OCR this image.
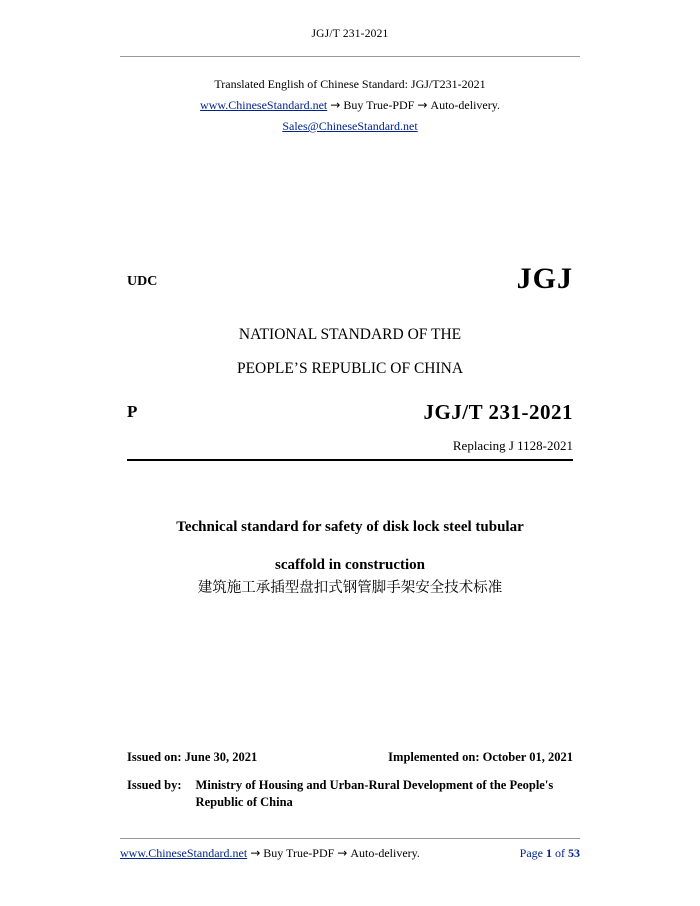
JGJ/T 231-2021
Translated English of Chinese Standard: JGJ/T231-2021
www.ChineseStandard.net → Buy True-PDF → Auto-delivery.
Sales@ChineseStandard.net
UDC	JGJ
NATIONAL STANDARD OF THE
PEOPLE’S REPUBLIC OF CHINA
P	JGJ/T 231-2021
Replacing J 1128-2021
Technical standard for safety of disk lock steel tubular
scaffold in construction
建筑施工承插型盘扣式钢管脚手架安全技术标准
Issued on: June 30, 2021	Implemented on: October 01, 2021
Issued by: Ministry of Housing and Urban-Rural Development of the People's Republic of China
www.ChineseStandard.net → Buy True-PDF → Auto-delivery.	Page 1 of 53
